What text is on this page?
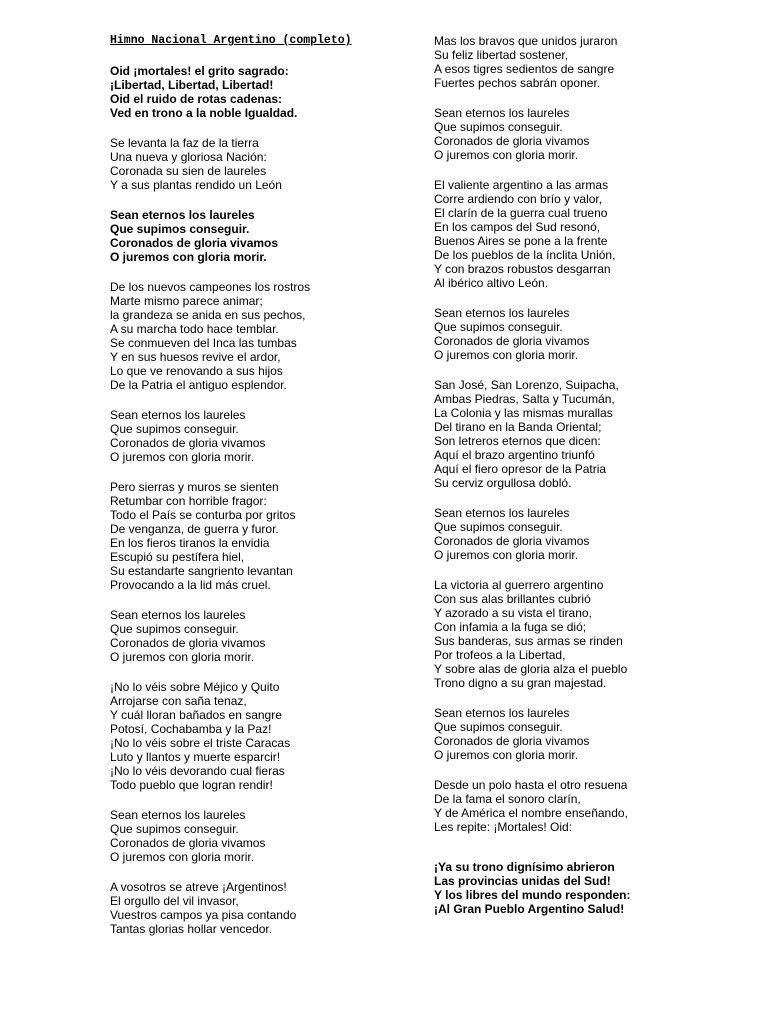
Himno Nacional Argentino (completo)
Oid ¡mortales! el grito sagrado:
¡Libertad, Libertad, Libertad!
Oid el ruido de rotas cadenas:
Ved en trono a la noble Igualdad.
Se levanta la faz de la tierra
Una nueva y gloriosa Nación:
Coronada su sien de laureles
Y a sus plantas rendido un León
Sean eternos los laureles
Que supimos conseguir.
Coronados de gloria vivamos
O juremos con gloria morir.
De los nuevos campeones los rostros
Marte mismo parece animar;
la grandeza se anida en sus pechos,
A su marcha todo hace temblar.
Se conmueven del Inca las tumbas
Y en sus huesos revive el ardor,
Lo que ve renovando a sus hijos
De la Patria el antiguo esplendor.
Sean eternos los laureles
Que supimos conseguir.
Coronados de gloria vivamos
O juremos con gloria morir.
Pero sierras y muros se sienten
Retumbar con horrible fragor:
Todo el País se conturba por gritos
De venganza, de guerra y furor.
En los fieros tiranos la envidia
Escupió su pestífera hiel,
Su estandarte sangriento levantan
Provocando a la lid más cruel.
Sean eternos los laureles
Que supimos conseguir.
Coronados de gloria vivamos
O juremos con gloria morir.
¡No lo véis sobre Méjico y Quito
Arrojarse con saña tenaz,
Y cuál lloran bañados en sangre
Potosí, Cochabamba y la Paz!
¡No lo véis sobre el triste Caracas
Luto y llantos y muerte esparcir!
¡No lo véis devorando cual fieras
Todo pueblo que logran rendir!
Sean eternos los laureles
Que supimos conseguir.
Coronados de gloria vivamos
O juremos con gloria morir.
A vosotros se atreve ¡Argentinos!
El orgullo del vil invasor,
Vuestros campos ya pisa contando
Tantas glorias hollar vencedor.
Mas los bravos que unidos juraron
Su feliz libertad sostener,
A esos tigres sedientos de sangre
Fuertes pechos sabrán oponer.
Sean eternos los laureles
Que supimos conseguir.
Coronados de gloria vivamos
O juremos con gloria morir.
El valiente argentino a las armas
Corre ardiendo con brío y valor,
El clarín de la guerra cual trueno
En los campos del Sud resonó,
Buenos Aires se pone a la frente
De los pueblos de la ínclita Unión,
Y con brazos robustos desgarran
Al ibérico altivo León.
Sean eternos los laureles
Que supimos conseguir.
Coronados de gloria vivamos
O juremos con gloria morir.
San José, San Lorenzo, Suipacha,
Ambas Piedras, Salta y Tucumán,
La Colonia y las mismas murallas
Del tirano en la Banda Oriental;
Son letreros eternos que dicen:
Aquí el brazo argentino triunfó
Aquí el fiero opresor de la Patria
Su cerviz orgullosa dobló.
Sean eternos los laureles
Que supimos conseguir.
Coronados de gloria vivamos
O juremos con gloria morir.
La victoria al guerrero argentino
Con sus alas brillantes cubrió
Y azorado a su vista el tirano,
Con infamia a la fuga se dió;
Sus banderas, sus armas se rinden
Por trofeos a la Libertad,
Y sobre alas de gloria alza el pueblo
Trono digno a su gran majestad.
Sean eternos los laureles
Que supimos conseguir.
Coronados de gloria vivamos
O juremos con gloria morir.
Desde un polo hasta el otro resuena
De la fama el sonoro clarín,
Y de América el nombre enseñando,
Les repite: ¡Mortales! Oid:
¡Ya su trono dignísimo abrieron
Las provincias unidas del Sud!
Y los libres del mundo responden:
¡Al Gran Pueblo Argentino Salud!
